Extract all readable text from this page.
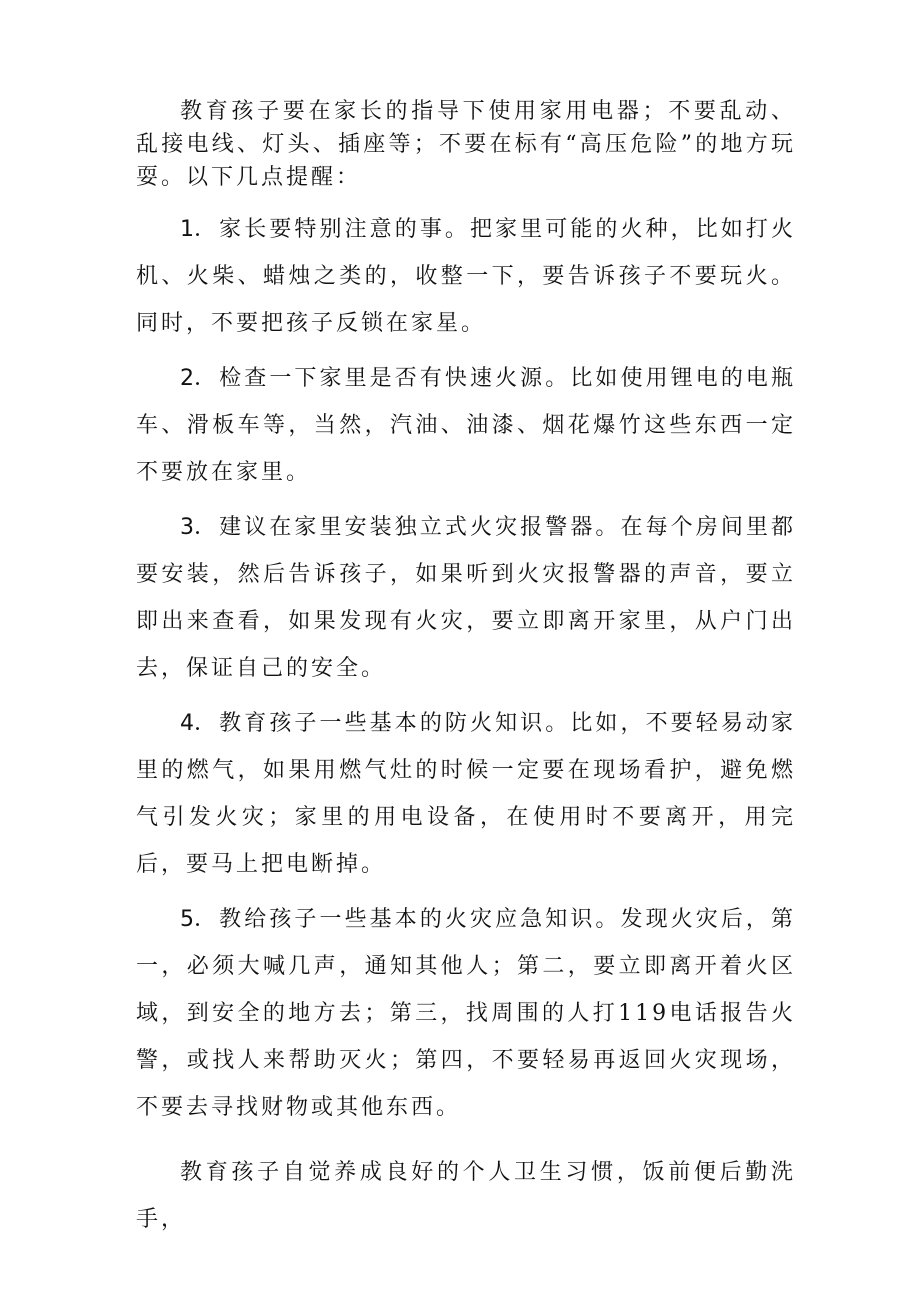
教育孩子要在家长的指导下使用家用电器；不要乱动、乱接电线、灯头、插座等；不要在标有“高压危险”的地方玩耍。以下几点提醒：

1．家长要特别注意的事。把家里可能的火种，比如打火机、火柴、蜡烛之类的，收整一下，要告诉孩子不要玩火。同时，不要把孩子反锁在家星。

2．检查一下家里是否有快速火源。比如使用锂电的电瓶车、滑板车等，当然，汽油、油漆、烟花爆竹这些东西一定不要放在家里。

3．建议在家里安装独立式火灾报警器。在每个房间里都要安装，然后告诉孩子，如果听到火灾报警器的声音，要立即出来查看，如果发现有火灾，要立即离开家里，从户门出去，保证自己的安全。

4．教育孩子一些基本的防火知识。比如，不要轻易动家里的燃气，如果用燃气灶的时候一定要在现场看护，避免燃气引发火灾；家里的用电设备，在使用时不要离开，用完后，要马上把电断掉。

5．教给孩子一些基本的火灾应急知识。发现火灾后，第一，必须大喊几声，通知其他人；第二，要立即离开着火区域，到安全的地方去；第三，找周围的人打119电话报告火警，或找人来帮助灭火；第四，不要轻易再返回火灾现场，不要去寻找财物或其他东西。

教育孩子自觉养成良好的个人卫生习惯，饭前便后勤洗手，
